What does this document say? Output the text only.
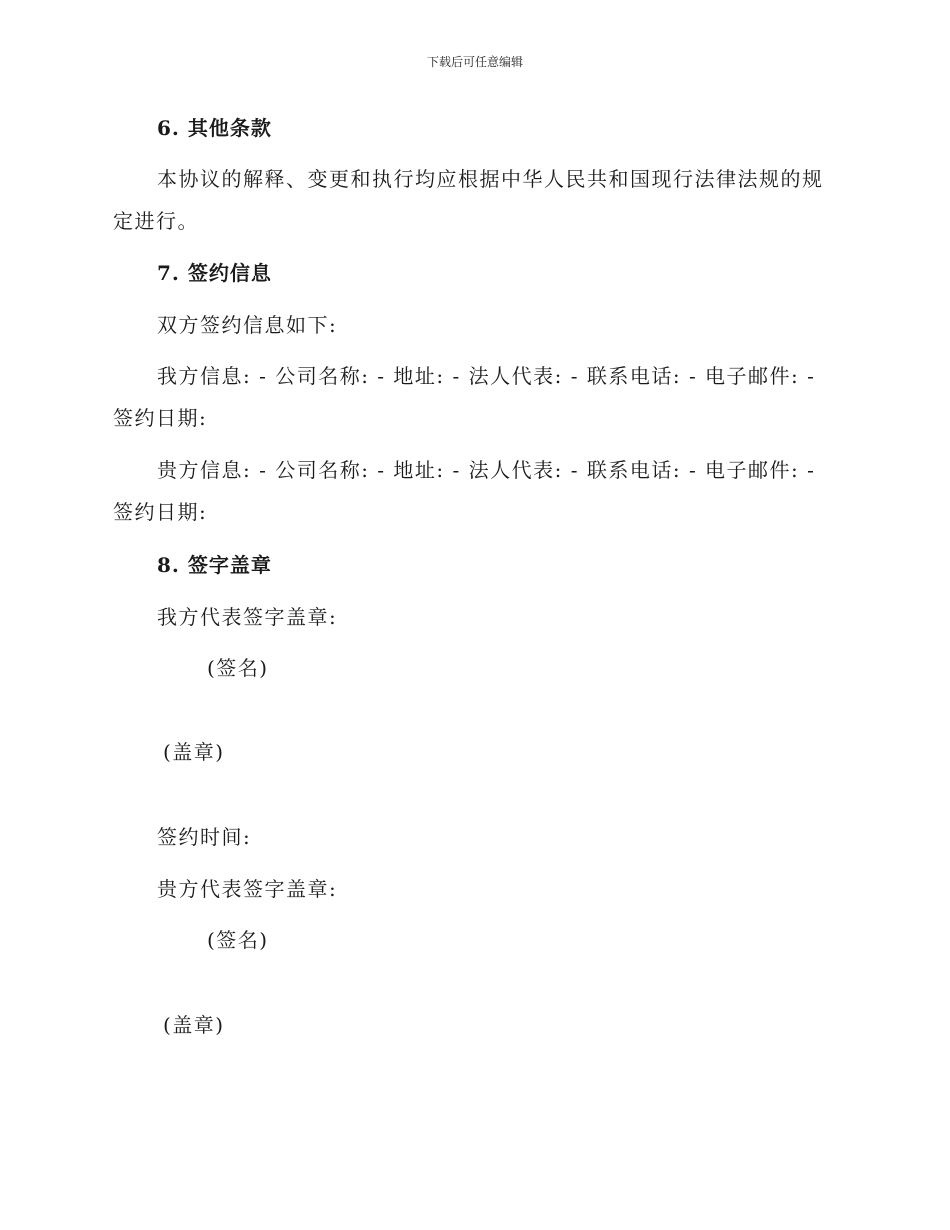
下载后可任意编辑
6. 其他条款
本协议的解释、变更和执行均应根据中华人民共和国现行法律法规的规定进行。
7. 签约信息
双方签约信息如下:
我方信息: - 公司名称: - 地址: - 法人代表: - 联系电话: - 电子邮件: - 签约日期:
贵方信息: - 公司名称: - 地址: - 法人代表: - 联系电话: - 电子邮件: - 签约日期:
8. 签字盖章
我方代表签字盖章:
(签名)
(盖章)
签约时间:
贵方代表签字盖章:
(签名)
(盖章)
